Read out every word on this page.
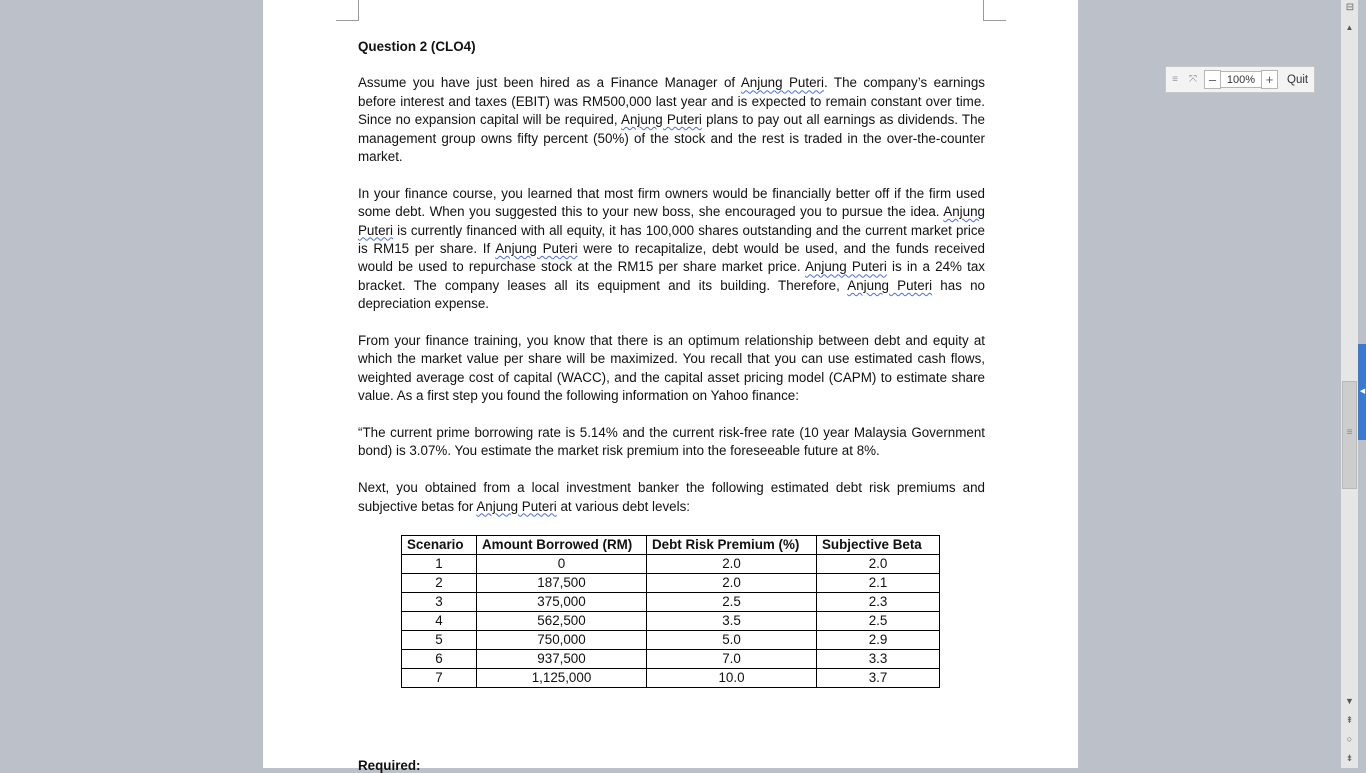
Question 2 (CLO4)
Assume you have just been hired as a Finance Manager of Anjung Puteri. The company’s earnings before interest and taxes (EBIT) was RM500,000 last year and is expected to remain constant over time. Since no expansion capital will be required, Anjung Puteri plans to pay out all earnings as dividends. The management group owns fifty percent (50%) of the stock and the rest is traded in the over-the-counter market.
In your finance course, you learned that most firm owners would be financially better off if the firm used some debt. When you suggested this to your new boss, she encouraged you to pursue the idea. Anjung Puteri is currently financed with all equity, it has 100,000 shares outstanding and the current market price is RM15 per share. If Anjung Puteri were to recapitalize, debt would be used, and the funds received would be used to repurchase stock at the RM15 per share market price. Anjung Puteri is in a 24% tax bracket. The company leases all its equipment and its building. Therefore, Anjung Puteri has no depreciation expense.
From your finance training, you know that there is an optimum relationship between debt and equity at which the market value per share will be maximized. You recall that you can use estimated cash flows, weighted average cost of capital (WACC), and the capital asset pricing model (CAPM) to estimate share value. As a first step you found the following information on Yahoo finance:
“The current prime borrowing rate is 5.14% and the current risk-free rate (10 year Malaysia Government bond) is 3.07%. You estimate the market risk premium into the foreseeable future at 8%.
Next, you obtained from a local investment banker the following estimated debt risk premiums and subjective betas for Anjung Puteri at various debt levels:
Scenario	Amount Borrowed (RM)	Debt Risk Premium (%)	Subjective Beta
1	0	2.0	2.0
2	187,500	2.0	2.1
3	375,000	2.5	2.3
4	562,500	3.5	2.5
5	750,000	5.0	2.9
6	937,500	7.0	3.3
7	1,125,000	10.0	3.7
Required:
≡	⤧ – 100% +	Quit
⊟
▲
≡
▼
⇞
○
⇟
◀
